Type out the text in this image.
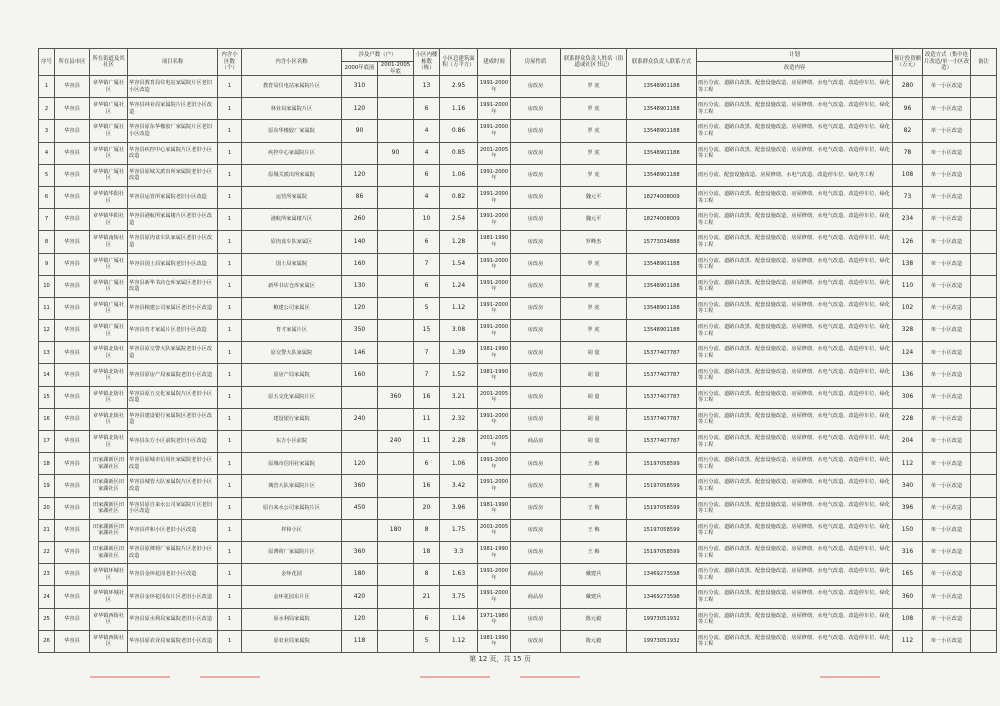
序号	所在县市区	所在街道及其社区	项目名称	内含小区数（个）	内含小区名称	涉及户数（户）		小区内楼栋数（栋）	小区总建筑面积（万平方）	建成时间	房屋性质	联系群众负责人姓名（街道或社区书记）	联系群众负责人联系方式	计划	预计投资额（万元）	改造方式（集中连片改造/单一小区改造）	备注
						2000年底前	2001-2005年底							改造内容			
1	华容县	章华镇广厦社区	华容县教育局仪电站家属院片区老旧小区改造	1	教育局仪电站家属院片区	310		13	2.95	1991-2000年	房改房	罗 虎	13548901188	雨污分流、道路白改黑、配套设施改造、房屋修缮、水电气改造、改造停车位、绿化等工程	280	单一小区改造	
2	华容县	章华镇广厦社区	华容县林业局家属院片区老旧小区改造	1	林业局家属院片区	120		6	1.16	1991-2000年	房改房	罗 虎	13548901188	雨污分流、道路白改黑、配套设施改造、房屋修缮、水电气改造、改造停车位、绿化等工程	96	单一小区改造	
3	华容县	章华镇广厦社区	华容县原东华橡胶厂家属院片区老旧小区改造	1	原东华橡胶厂家属院	90		4	0.86	1991-2000年	房改房	罗 虎	13548901188	雨污分流、道路白改黑、配套设施改造、房屋修缮、水电气改造、改造停车位、绿化等工程	82	单一小区改造	
4	华容县	章华镇广厦社区	华容县疾控中心家属院片区老旧小区改造	1	疾控中心家属院片区		90	4	0.85	2001-2005年	房改房	罗 虎	13548901188	雨污分流、道路白改黑、配套设施改造、房屋修缮、水电气改造、改造停车位、绿化等工程	78	单一小区改造	
5	华容县	章华镇广厦社区	华容县原城关派出所家属院老旧小区改造	1	原城关派出所家属院	120		6	1.06	1991-2000年	房改房	罗 虎	13548901188	雨污分流、配套设施改造、房屋修缮、水电气改造、改造停车位、绿化等工程	108	单一小区改造	
6	华容县	章华镇华阳社区	华容县运管所家属院老旧小区改造	1	运管所家属院	86		4	0.82	1991-2000年	房改房	魏元平	18274008009	雨污分流、道路白改黑、配套设施改造、房屋修缮、水电气改造、改造停车位、绿化等工程	73	单一小区改造	
7	华容县	章华镇华阳社区	华容县港航所家属楼片区老旧小区改造	1	港航所家属楼片区	260		10	2.54	1991-2000年	房改房	魏元平	18274008009	雨污分流、道路白改黑、配套设施改造、房屋修缮、水电气改造、改造停车位、绿化等工程	234	单一小区改造	
8	华容县	章华镇南街社区	华容县原肉食车队家属区老旧小区改造	1	原肉食车队家属区	140		6	1.28	1981-1990年	房改房	罗峰杰	15773034888	雨污分流、道路白改黑、配套设施改造、房屋修缮、水电气改造、改造停车位、绿化等工程	126	单一小区改造	
9	华容县	章华镇广厦社区	华容县国土局家属院老旧小区改造	1	国土局家属院	160		7	1.54	1991-2000年	房改房	罗 虎	13548901188	雨污分流、道路白改黑、配套设施改造、房屋修缮、水电气改造、改造停车位、绿化等工程	138	单一小区改造	
10	华容县	章华镇广厦社区	华容县新华书店仓库家属区老旧小区改造	1	新华书店仓库家属区	130		6	1.24	1991-2000年	房改房	罗 虎	13548901188	雨污分流、道路白改黑、配套设施改造、房屋修缮、水电气改造、改造停车位、绿化等工程	110	单一小区改造	
11	华容县	章华镇广厦社区	华容县粮建公司家属区老旧小区改造	1	粮建公司家属区	120		5	1.12	1991-2000年	房改房	罗 虎	13548901188	雨污分流、道路白改黑、配套设施改造、房屋修缮、水电气改造、改造停车位、绿化等工程	102	单一小区改造	
12	华容县	章华镇广厦社区	华容县育才家属片区老旧小区改造	1	育才家属片区	350		15	3.08	1991-2000年	房改房	罗 虎	13548901188	雨污分流、道路白改黑、配套设施改造、房屋修缮、水电气改造、改造停车位、绿化等工程	328	单一小区改造	
13	华容县	章华镇北街社区	华容县原交警大队家属院老旧小区改造	1	原交警大队家属院	146		7	1.39	1981-1990年	房改房	胡 量	15377407787	雨污分流、道路白改黑、配套设施改造、房屋修缮、水电气改造、改造停车位、绿化等工程	124	单一小区改造	
14	华容县	章华镇北街社区	华容县原房产局家属院老旧小区改造	1	原房产局家属院	160		7	1.52	1981-1990年	房改房	胡 量	15377407787	雨污分流、道路白改黑、配套设施改造、房屋修缮、水电气改造、改造停车位、绿化等工程	136	单一小区改造	
15	华容县	章华镇北街社区	华容县原五交化家属院片区老旧小区改造	1	原五交化家属院片区		360	16	3.21	2001-2005年	房改房	胡 量	15377407787	雨污分流、道路白改黑、配套设施改造、房屋修缮、水电气改造、改造停车位、绿化等工程	306	单一小区改造	
16	华容县	章华镇北街社区	华容县建设银行家属院区老旧小区改造	1	建设银行家属院	240		11	2.32	1991-2000年	房改房	胡 量	15377407787	雨污分流、道路白改黑、配套设施改造、房屋修缮、水电气改造、改造停车位、绿化等工程	228	单一小区改造	
17	华容县	章华镇北街社区	华容县东方小区前院老旧小区改造	1	东方小区前院		240	11	2.28	2001-2005年	商品房	胡 量	15377407787	雨污分流、道路白改黑、配套设施改造、房屋修缮、水电气改造、改造停车位、绿化等工程	204	单一小区改造	
18	华容县	田家湖新区田家湖社区	华容县原城市信用社家属院老旧小区改造	1	原城市信用社家属院	120		6	1.06	1991-2000年	房改房	王 梅	15197058599	雨污分流、道路白改黑、配套设施改造、房屋修缮、水电气改造、改造停车位、绿化等工程	112	单一小区改造	
19	华容县	田家湖新区田家湖社区	华容县城管大队家属院片区老旧小区改造	1	城管大队家属院片区	360		16	3.42	1991-2000年	房改房	王 梅	15197058599	雨污分流、道路白改黑、配套设施改造、房屋修缮、水电气改造、改造停车位、绿化等工程	340	单一小区改造	
20	华容县	田家湖新区田家湖社区	华容县原自来水公司家属院片区老旧小区改造	1	原自来水公司家属院片区	450		20	3.96	1981-1990年	房改房	王 梅	15197058599	雨污分流、道路白改黑、配套设施改造、房屋修缮、水电气改造、改造停车位、绿化等工程	396	单一小区改造	
21	华容县	田家湖新区田家湖社区	华容县祥和小区老旧小区改造	1	祥和小区		180	8	1.75	2001-2005年	房改房	王 梅	15197058599	雨污分流、道路白改黑、配套设施改造、房屋修缮、水电气改造、改造停车位、绿化等工程	150	单一小区改造	
22	华容县	田家湖新区田家湖社区	华容县原薄荷厂家属院片区老旧小区改造	1	原薄荷厂家属院片区	360		18	3.3	1981-1990年	房改房	王 梅	15197058599	雨污分流、道路白改黑、配套设施改造、房屋修缮、水电气改造、改造停车位、绿化等工程	316	单一小区改造	
23	华容县	章华镇环城社区	华容县金环花园老旧小区改造	1	金环花园	180		8	1.63	1991-2000年	商品房	戴建兵	13469273598	雨污分流、道路白改黑、配套设施改造、房屋修缮、水电气改造、改造停车位、绿化等工程	165	单一小区改造	
24	华容县	章华镇环城社区	华容县金环花园东片区老旧小区改造	1	金环花园东片区	420		21	3.75	1991-2000年	商品房	戴建兵	13469273598	雨污分流、道路白改黑、配套设施改造、房屋修缮、水电气改造、改造停车位、绿化等工程	360	单一小区改造	
25	华容县	章华镇西街社区	华容县原水利局家属院老旧小区改造	1	原水利局家属院	120		6	1.14	1971-1980年	房改房	陈元毅	19973051932	雨污分流、道路白改黑、配套设施改造、房屋修缮、水电气改造、改造停车位、绿化等工程	108	单一小区改造	
26	华容县	章华镇西街社区	华容县原农业局家属院老旧小区改造	1	原农业局家属院	118		5	1.12	1981-1990年	房改房	陈元毅	19973051932	雨污分流、道路白改黑、配套设施改造、房屋修缮、水电气改造、改造停车位、绿化等工程	112	单一小区改造	
第 12 页，共 15 页
